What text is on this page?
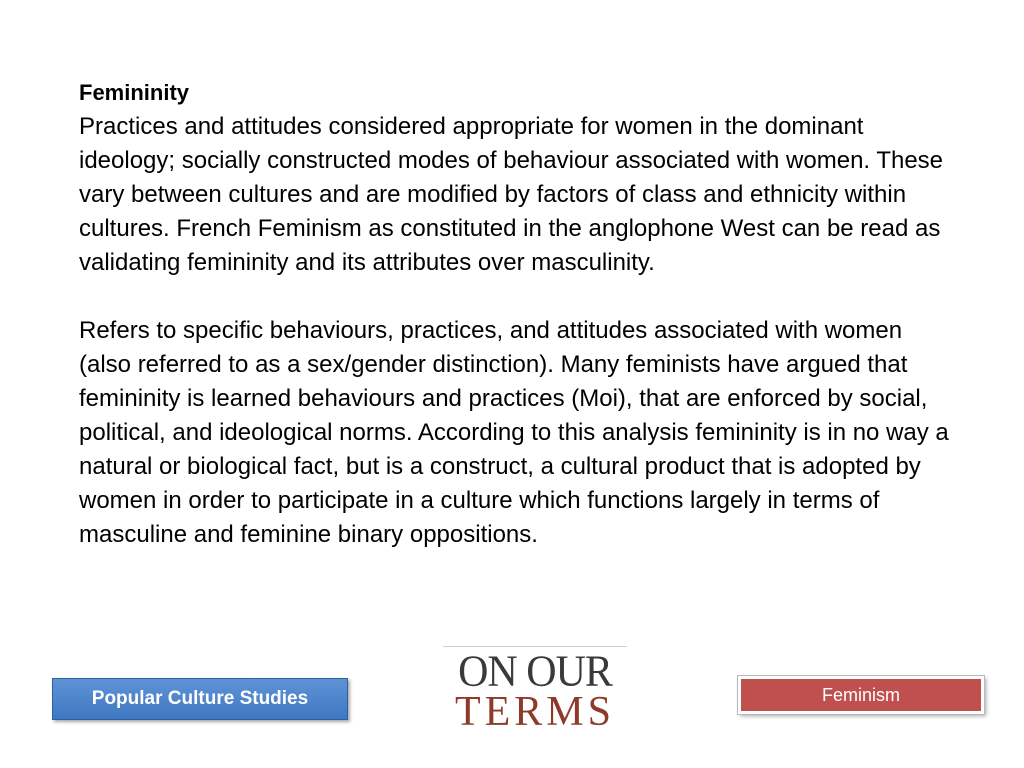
Femininity

Practices and attitudes considered appropriate for women in the dominant ideology; socially constructed modes of behaviour associated with women. These vary between cultures and are modified by factors of class and ethnicity within cultures. French Feminism as constituted in the anglophone West can be read as validating femininity and its attributes over masculinity.

Refers to specific behaviours, practices, and attitudes associated with women (also referred to as a sex/gender distinction). Many feminists have argued that femininity is learned behaviours and practices (Moi), that are enforced by social, political, and ideological norms. According to this analysis femininity is in no way a natural or biological fact, but is a construct, a cultural product that is adopted by women in order to participate in a culture which functions largely in terms of masculine and feminine binary oppositions.

Popular Culture Studies
ON OUR
TERMS	Feminism
